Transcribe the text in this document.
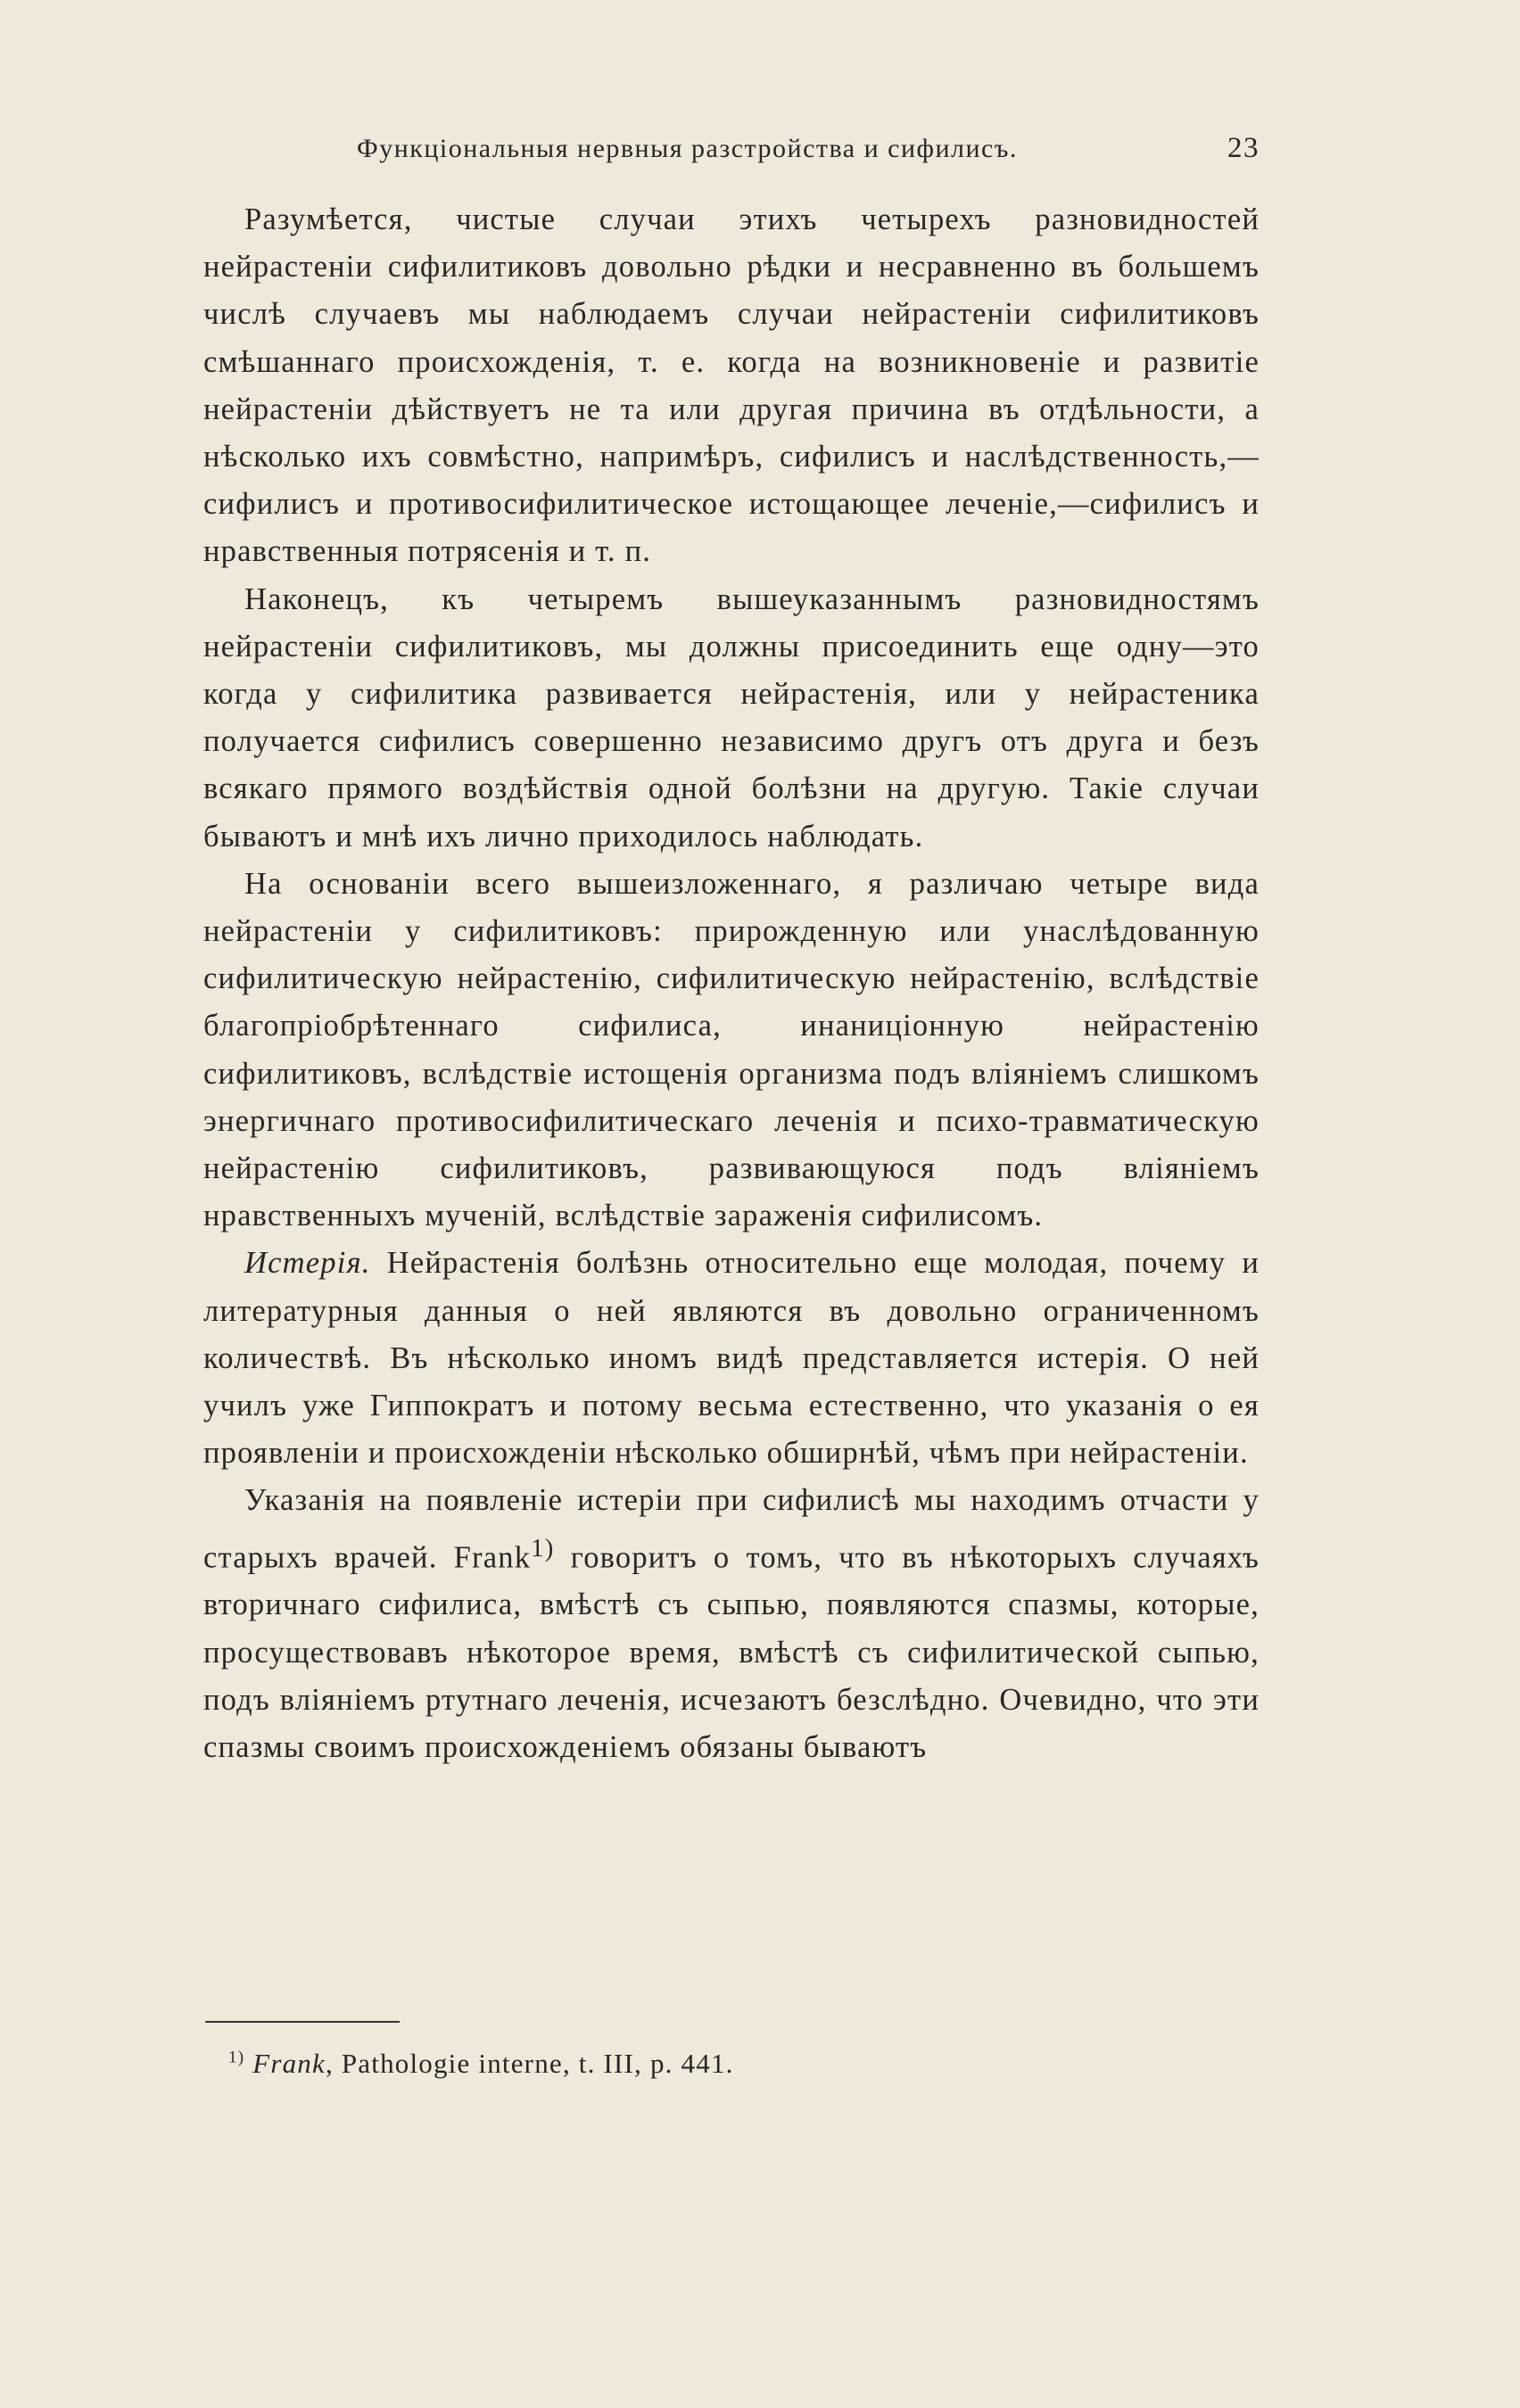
Функціональныя нервныя разстройства и сифилисъ.	23

Разумѣется, чистые случаи этихъ четырехъ разновидностей нейрастеніи сифилитиковъ довольно рѣдки и несравненно въ большемъ числѣ случаевъ мы наблюдаемъ случаи нейрастеніи сифилитиковъ смѣшаннаго происхожденія, т. е. когда на возникновеніе и развитіе нейрастеніи дѣйствуетъ не та или другая причина въ отдѣльности, а нѣсколько ихъ совмѣстно, напримѣръ, сифилисъ и наслѣдственность,—сифилисъ и противосифилитическое истощающее леченіе,—сифилисъ и нравственныя потрясенія и т. п.

Наконецъ, къ четыремъ вышеуказаннымъ разновидностямъ нейрастеніи сифилитиковъ, мы должны присоединить еще одну—это когда у сифилитика развивается нейрастенія, или у нейрастеника получается сифилисъ совершенно независимо другъ отъ друга и безъ всякаго прямого воздѣйствія одной болѣзни на другую. Такіе случаи бываютъ и мнѣ ихъ лично приходилось наблюдать.

На основаніи всего вышеизложеннаго, я различаю четыре вида нейрастеніи у сифилитиковъ: прирожденную или унаслѣдованную сифилитическую нейрастенію, сифилитическую нейрастенію, вслѣдствіе благопріобрѣтеннаго сифилиса, инаниціонную нейрастенію сифилитиковъ, вслѣдствіе истощенія организма подъ вліяніемъ слишкомъ энергичнаго противосифилитическаго леченія и психо-травматическую нейрастенію сифилитиковъ, развивающуюся подъ вліяніемъ нравственныхъ мученій, вслѣдствіе зараженія сифилисомъ.

Истерія. Нейрастенія болѣзнь относительно еще молодая, почему и литературныя данныя о ней являются въ довольно ограниченномъ количествѣ. Въ нѣсколько иномъ видѣ представляется истерія. О ней училъ уже Гиппократъ и потому весьма естественно, что указанія о ея проявленіи и происхожденіи нѣсколько обширнѣй, чѣмъ при нейрастеніи.

Указанія на появленіе истеріи при сифилисѣ мы находимъ отчасти у старыхъ врачей. Frank$^{1)}$ говоритъ о томъ, что въ нѣкоторыхъ случаяхъ вторичнаго сифилиса, вмѣстѣ съ сыпью, появляются спазмы, которые, просуществовавъ нѣкоторое время, вмѣстѣ съ сифилитической сыпью, подъ вліяніемъ ртутнаго леченія, исчезаютъ безслѣдно. Очевидно, что эти спазмы своимъ происхожденіемъ обязаны бываютъ

$^{1)}$ Frank, Pathologie interne, t. III, p. 441.
